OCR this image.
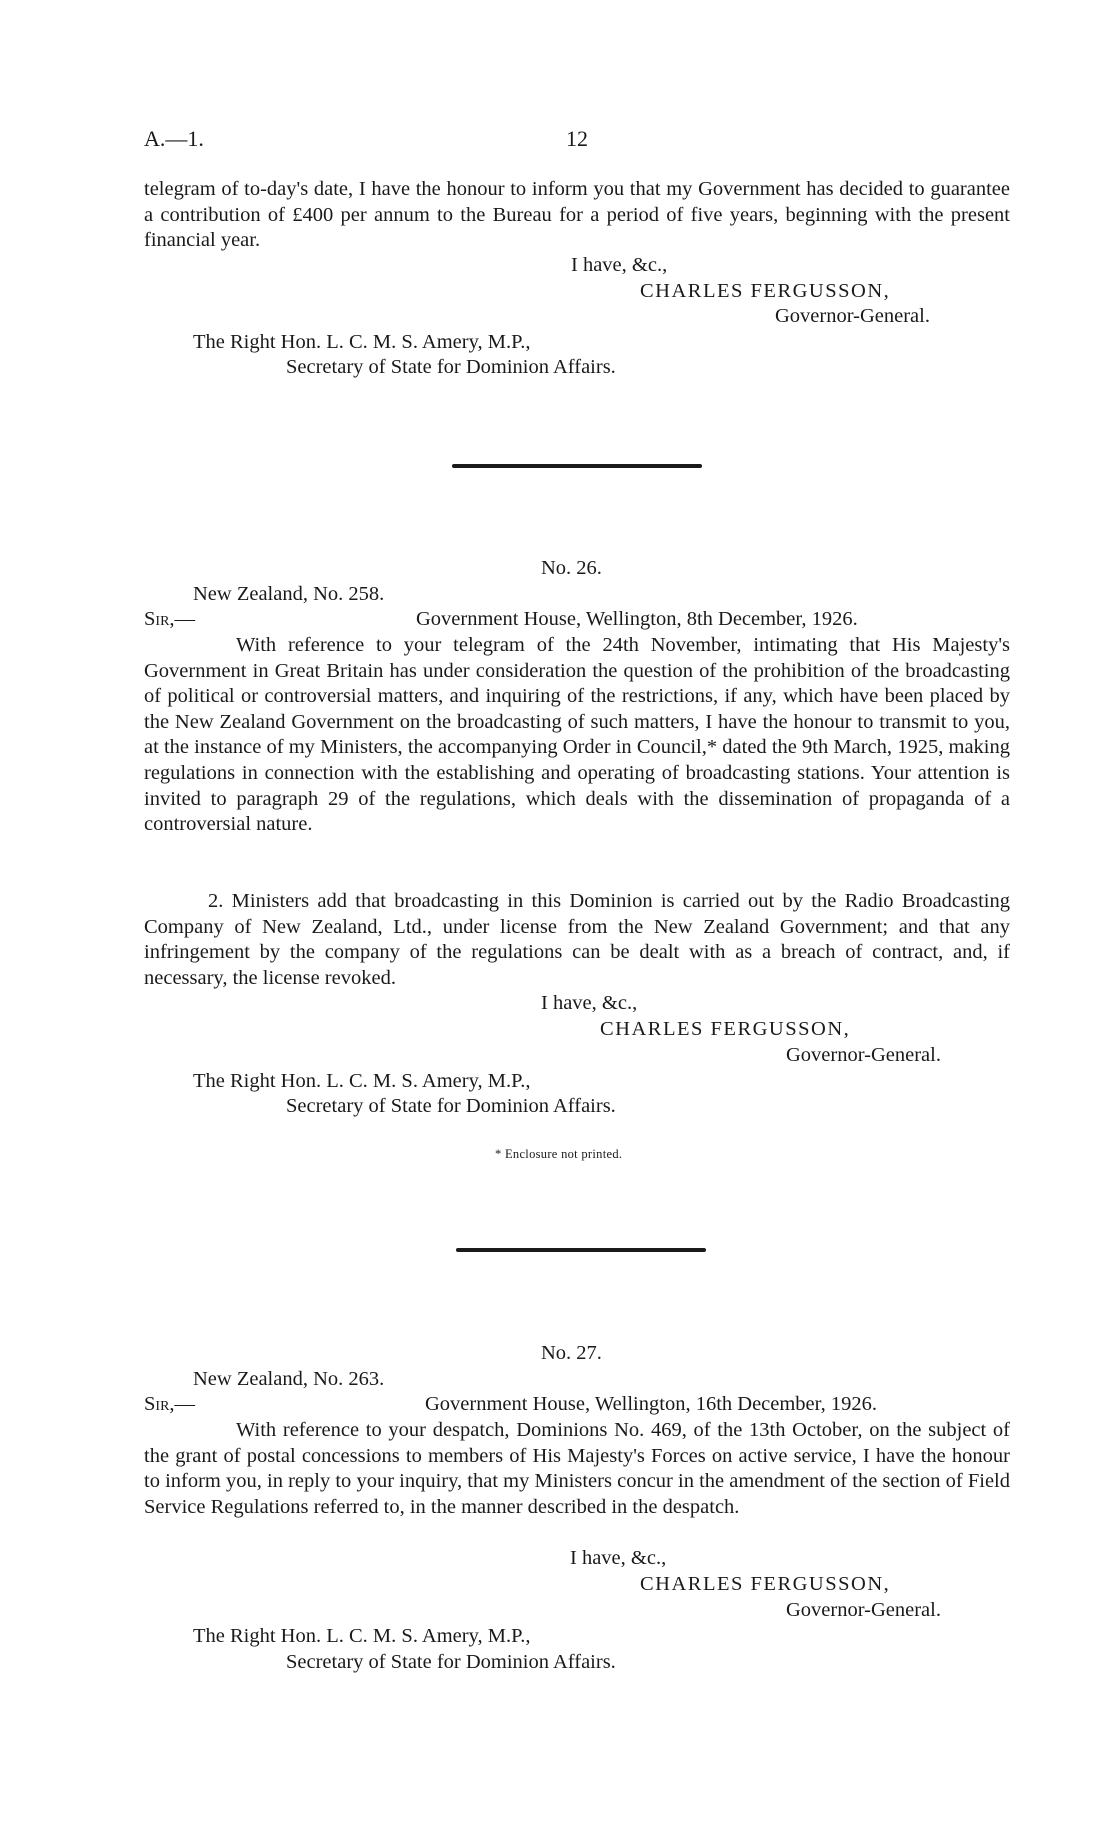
A.—1.	12
telegram of to-day's date, I have the honour to inform you that my Government has decided to guarantee a contribution of £400 per annum to the Bureau for a period of five years, beginning with the present financial year.
I have, &c.,
CHARLES FERGUSSON,
Governor-General.
The Right Hon. L. C. M. S. Amery, M.P.,
Secretary of State for Dominion Affairs.
No. 26.
New Zealand, No. 258.
Sir,—	Government House, Wellington, 8th December, 1926.
With reference to your telegram of the 24th November, intimating that His Majesty's Government in Great Britain has under consideration the question of the prohibition of the broadcasting of political or controversial matters, and inquiring of the restrictions, if any, which have been placed by the New Zealand Government on the broadcasting of such matters, I have the honour to transmit to you, at the instance of my Ministers, the accompanying Order in Council,* dated the 9th March, 1925, making regulations in connection with the establishing and operating of broadcasting stations. Your attention is invited to paragraph 29 of the regulations, which deals with the dissemination of propaganda of a controversial nature.
2. Ministers add that broadcasting in this Dominion is carried out by the Radio Broadcasting Company of New Zealand, Ltd., under license from the New Zealand Government; and that any infringement by the company of the regulations can be dealt with as a breach of contract, and, if necessary, the license revoked.
I have, &c.,
CHARLES FERGUSSON,
Governor-General.
The Right Hon. L. C. M. S. Amery, M.P.,
Secretary of State for Dominion Affairs.
* Enclosure not printed.
No. 27.
New Zealand, No. 263.
Sir,—	Government House, Wellington, 16th December, 1926.
With reference to your despatch, Dominions No. 469, of the 13th October, on the subject of the grant of postal concessions to members of His Majesty's Forces on active service, I have the honour to inform you, in reply to your inquiry, that my Ministers concur in the amendment of the section of Field Service Regulations referred to, in the manner described in the despatch.
I have, &c.,
CHARLES FERGUSSON,
Governor-General.
The Right Hon. L. C. M. S. Amery, M.P.,
Secretary of State for Dominion Affairs.
